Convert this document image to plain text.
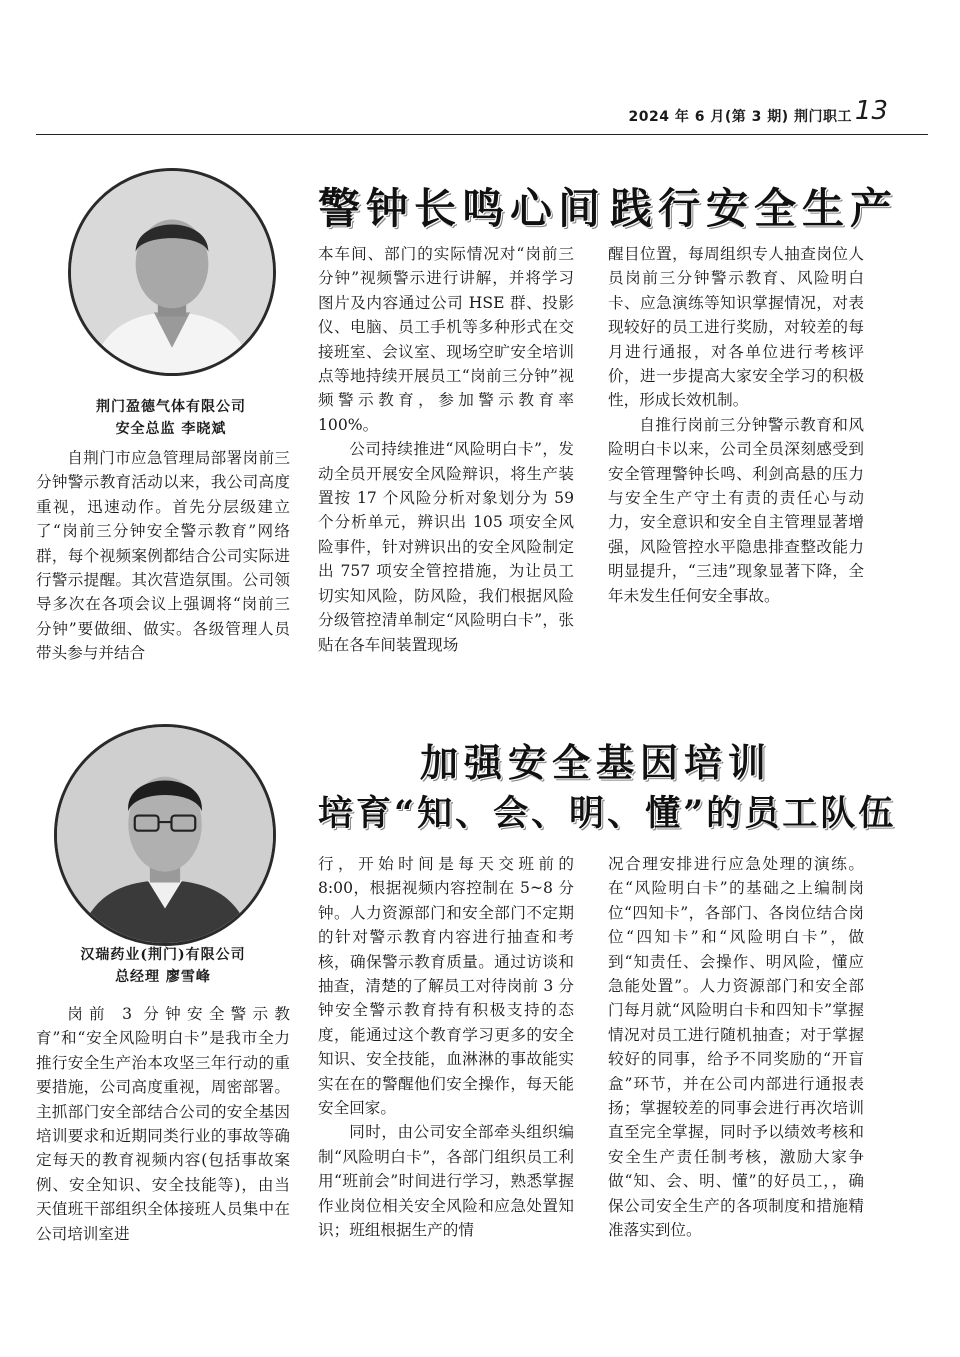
2024 年 6 月(第 3 期) 荆门职工 13
荆门盈德气体有限公司
安全总监 李晓斌
警钟长鸣心间 践行安全生产

自荆门市应急管理局部署岗前三分钟警示教育活动以来，我公司高度重视，迅速动作。首先分层级建立了“岗前三分钟安全警示教育”网络群，每个视频案例都结合公司实际进行警示提醒。其次营造氛围。公司领导多次在各项会议上强调将“岗前三分钟”要做细、做实。各级管理人员带头参与并结合

本车间、部门的实际情况对“岗前三分钟”视频警示进行讲解，并将学习图片及内容通过公司 HSE 群、投影仪、电脑、员工手机等多种形式在交接班室、会议室、现场空旷安全培训点等地持续开展员工“岗前三分钟”视频警示教育，参加警示教育率 100%。

公司持续推进“风险明白卡”，发动全员开展安全风险辩识，将生产装置按 17 个风险分析对象划分为 59 个分析单元，辨识出 105 项安全风险事件，针对辨识出的安全风险制定出 757 项安全管控措施，为让员工切实知风险，防风险，我们根据风险分级管控清单制定“风险明白卡”，张贴在各车间装置现场

醒目位置，每周组织专人抽查岗位人员岗前三分钟警示教育、风险明白卡、应急演练等知识掌握情况，对表现较好的员工进行奖励，对较差的每月进行通报，对各单位进行考核评价，进一步提高大家安全学习的积极性，形成长效机制。

自推行岗前三分钟警示教育和风险明白卡以来，公司全员深刻感受到安全管理警钟长鸣、利剑高悬的压力与安全生产守土有责的责任心与动力，安全意识和安全自主管理显著增强，风险管控水平隐患排查整改能力明显提升，“三违”现象显著下降，全年未发生任何安全事故。

汉瑞药业(荆门)有限公司
总经理 廖雪峰
加强安全基因培训
培育“知、会、明、懂”的员工队伍

岗前 3 分钟安全警示教育”和“安全风险明白卡”是我市全力推行安全生产治本攻坚三年行动的重要措施，公司高度重视，周密部署。主抓部门安全部结合公司的安全基因培训要求和近期同类行业的事故等确定每天的教育视频内容(包括事故案例、安全知识、安全技能等)，由当天值班干部组织全体接班人员集中在公司培训室进

行，开始时间是每天交班前的 8:00，根据视频内容控制在 5~8 分钟。人力资源部门和安全部门不定期的针对警示教育内容进行抽查和考核，确保警示教育质量。通过访谈和抽查，清楚的了解员工对待岗前 3 分钟安全警示教育持有积极支持的态度，能通过这个教育学习更多的安全知识、安全技能，血淋淋的事故能实实在在的警醒他们安全操作，每天能安全回家。

同时，由公司安全部牵头组织编制“风险明白卡”，各部门组织员工利用“班前会”时间进行学习，熟悉掌握作业岗位相关安全风险和应急处置知识；班组根据生产的情

况合理安排进行应急处理的演练。在“风险明白卡”的基础之上编制岗位“四知卡”，各部门、各岗位结合岗位“四知卡”和“风险明白卡”，做到“知责任、会操作、明风险，懂应急能处置”。人力资源部门和安全部门每月就“风险明白卡和四知卡”掌握情况对员工进行随机抽查；对于掌握较好的同事，给予不同奖励的“开盲盒”环节，并在公司内部进行通报表扬；掌握较差的同事会进行再次培训直至完全掌握，同时予以绩效考核和安全生产责任制考核，激励大家争做“知、会、明、懂”的好员工，，确保公司安全生产的各项制度和措施精准落实到位。
